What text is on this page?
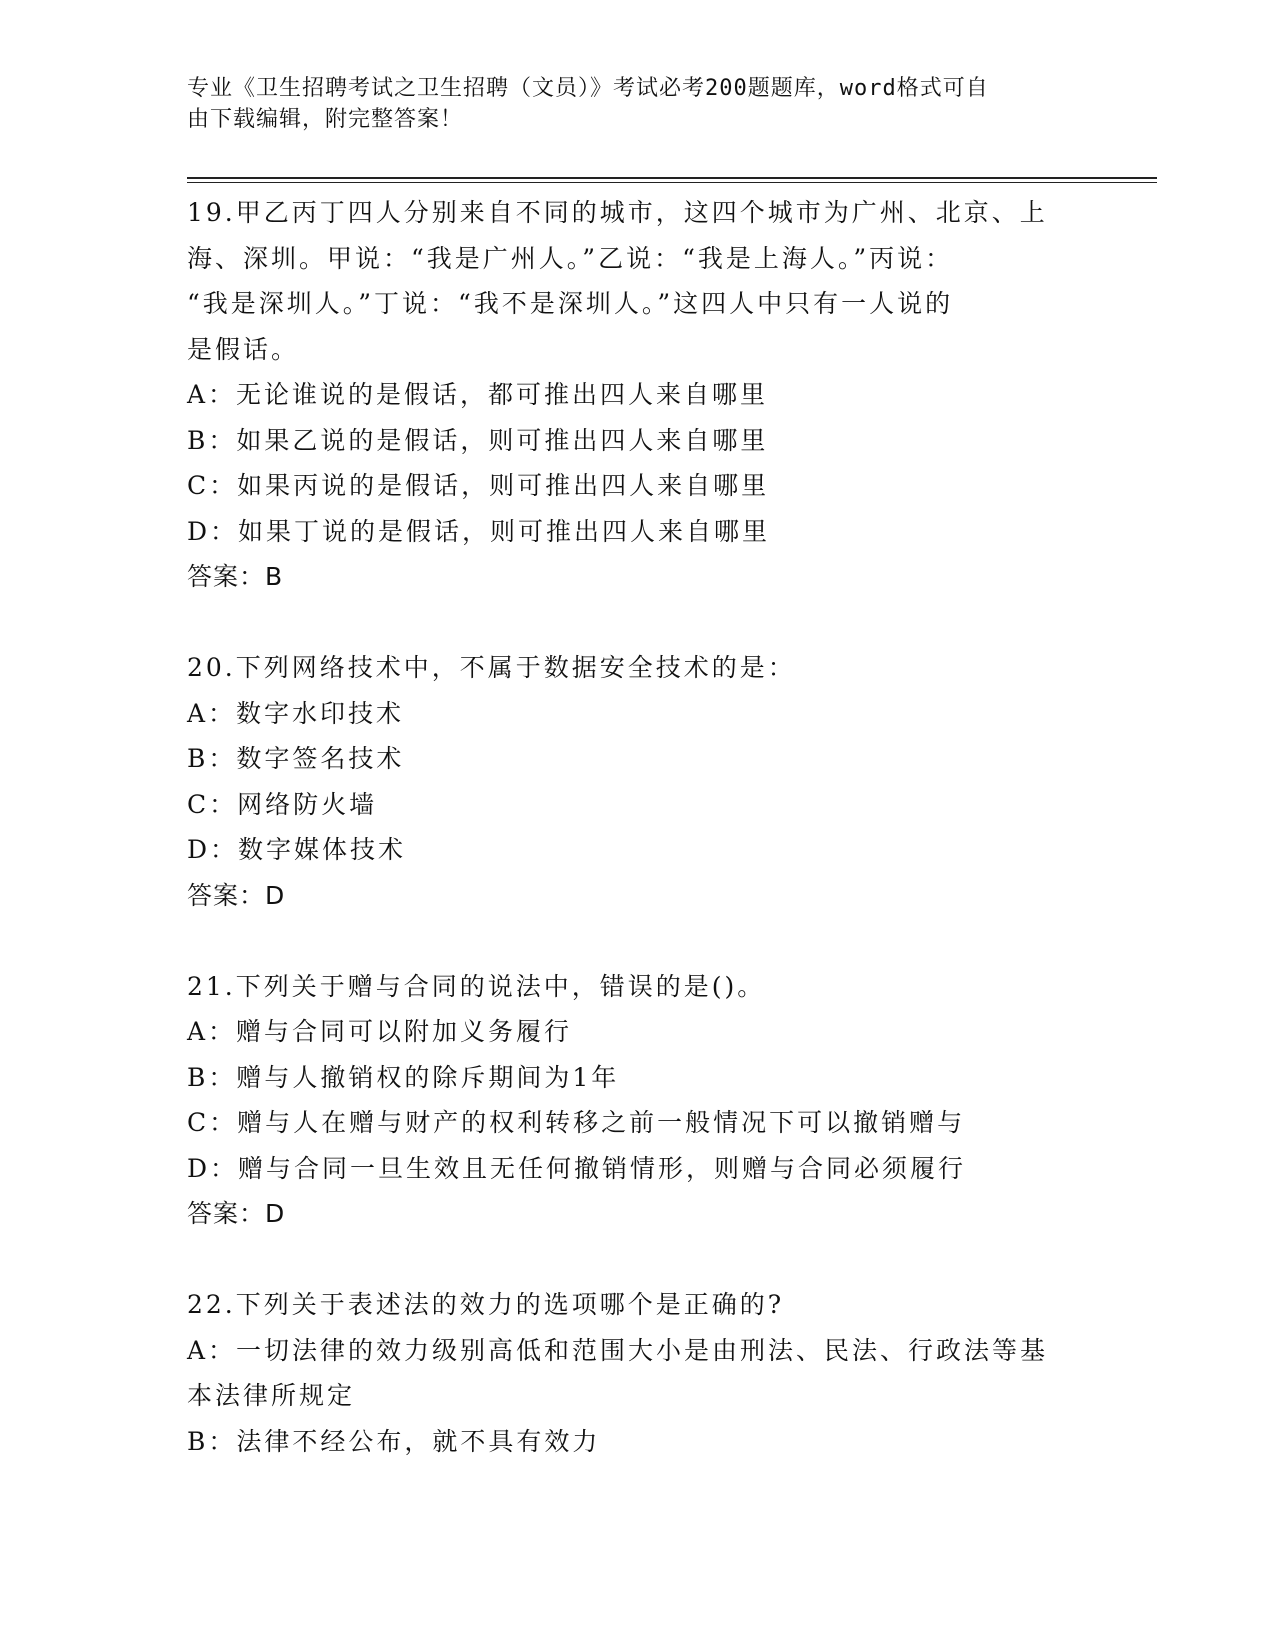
专业《卫生招聘考试之卫生招聘（文员）》考试必考200题题库，word格式可自
由下载编辑，附完整答案！
19.甲乙丙丁四人分别来自不同的城市，这四个城市为广州、北京、上
海、深圳。甲说：“我是广州人。”乙说：“我是上海人。”丙说：
“我是深圳人。”丁说：“我不是深圳人。”这四人中只有一人说的
是假话。
A：无论谁说的是假话，都可推出四人来自哪里
B：如果乙说的是假话，则可推出四人来自哪里
C：如果丙说的是假话，则可推出四人来自哪里
D：如果丁说的是假话，则可推出四人来自哪里
答案：B
20.下列网络技术中，不属于数据安全技术的是：
A：数字水印技术
B：数字签名技术
C：网络防火墙
D：数字媒体技术
答案：D
21.下列关于赠与合同的说法中，错误的是()。
A：赠与合同可以附加义务履行
B：赠与人撤销权的除斥期间为1年
C：赠与人在赠与财产的权利转移之前一般情况下可以撤销赠与
D：赠与合同一旦生效且无任何撤销情形，则赠与合同必须履行
答案：D
22.下列关于表述法的效力的选项哪个是正确的?
A：一切法律的效力级别高低和范围大小是由刑法、民法、行政法等基
本法律所规定
B：法律不经公布，就不具有效力
